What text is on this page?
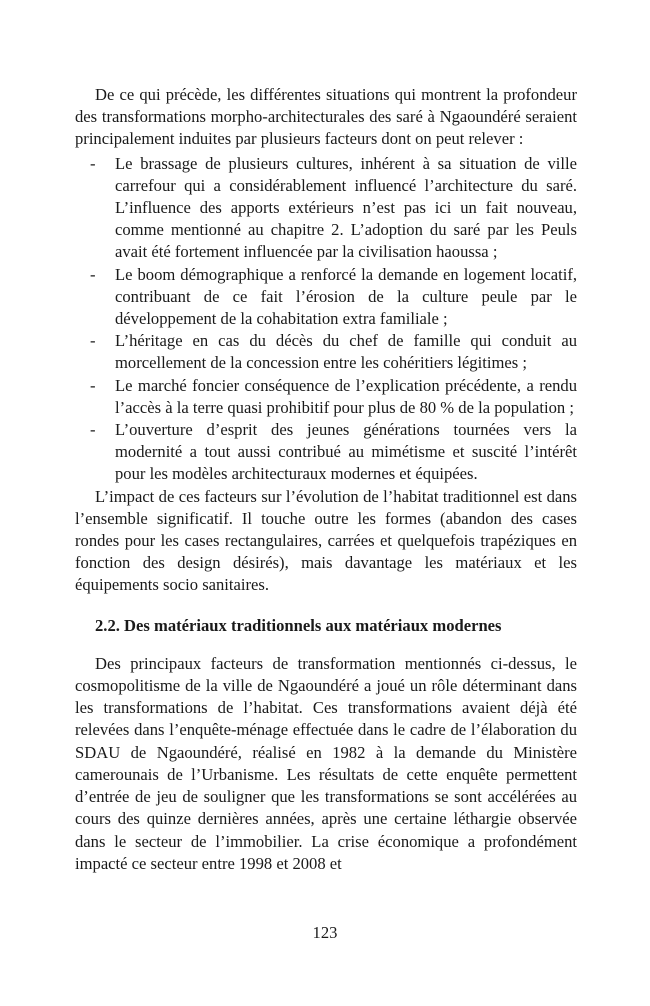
De ce qui précède, les différentes situations qui montrent la profondeur des transformations morpho-architecturales des saré à Ngaoundéré seraient principalement induites par plusieurs facteurs dont on peut relever :

- Le brassage de plusieurs cultures, inhérent à sa situation de ville carrefour qui a considérablement influencé l’architecture du saré. L’influence des apports extérieurs n’est pas ici un fait nouveau, comme mentionné au chapitre 2. L’adoption du saré par les Peuls avait été fortement influencée par la civilisation haoussa ;
- Le boom démographique a renforcé la demande en logement locatif, contribuant de ce fait l’érosion de la culture peule par le développement de la cohabitation extra familiale ;
- L’héritage en cas du décès du chef de famille qui conduit au morcellement de la concession entre les cohéritiers légitimes ;
- Le marché foncier conséquence de l’explication précédente, a rendu l’accès à la terre quasi prohibitif pour plus de 80 % de la population ;
- L’ouverture d’esprit des jeunes générations tournées vers la modernité a tout aussi contribué au mimétisme et suscité l’intérêt pour les modèles architecturaux modernes et équipées.

L’impact de ces facteurs sur l’évolution de l’habitat traditionnel est dans l’ensemble significatif. Il touche outre les formes (abandon des cases rondes pour les cases rectangulaires, carrées et quelquefois trapéziques en fonction des design désirés), mais davantage les matériaux et les équipements socio sanitaires.

2.2. Des matériaux traditionnels aux matériaux modernes

Des principaux facteurs de transformation mentionnés ci-dessus, le cosmopolitisme de la ville de Ngaoundéré a joué un rôle déterminant dans les transformations de l’habitat. Ces transformations avaient déjà été relevées dans l’enquête-ménage effectuée dans le cadre de l’élaboration du SDAU de Ngaoundéré, réalisé en 1982 à la demande du Ministère camerounais de l’Urbanisme. Les résultats de cette enquête permettent d’entrée de jeu de souligner que les transformations se sont accélérées au cours des quinze dernières années, après une certaine léthargie observée dans le secteur de l’immobilier. La crise économique a profondément impacté ce secteur entre 1998 et 2008 et

123
